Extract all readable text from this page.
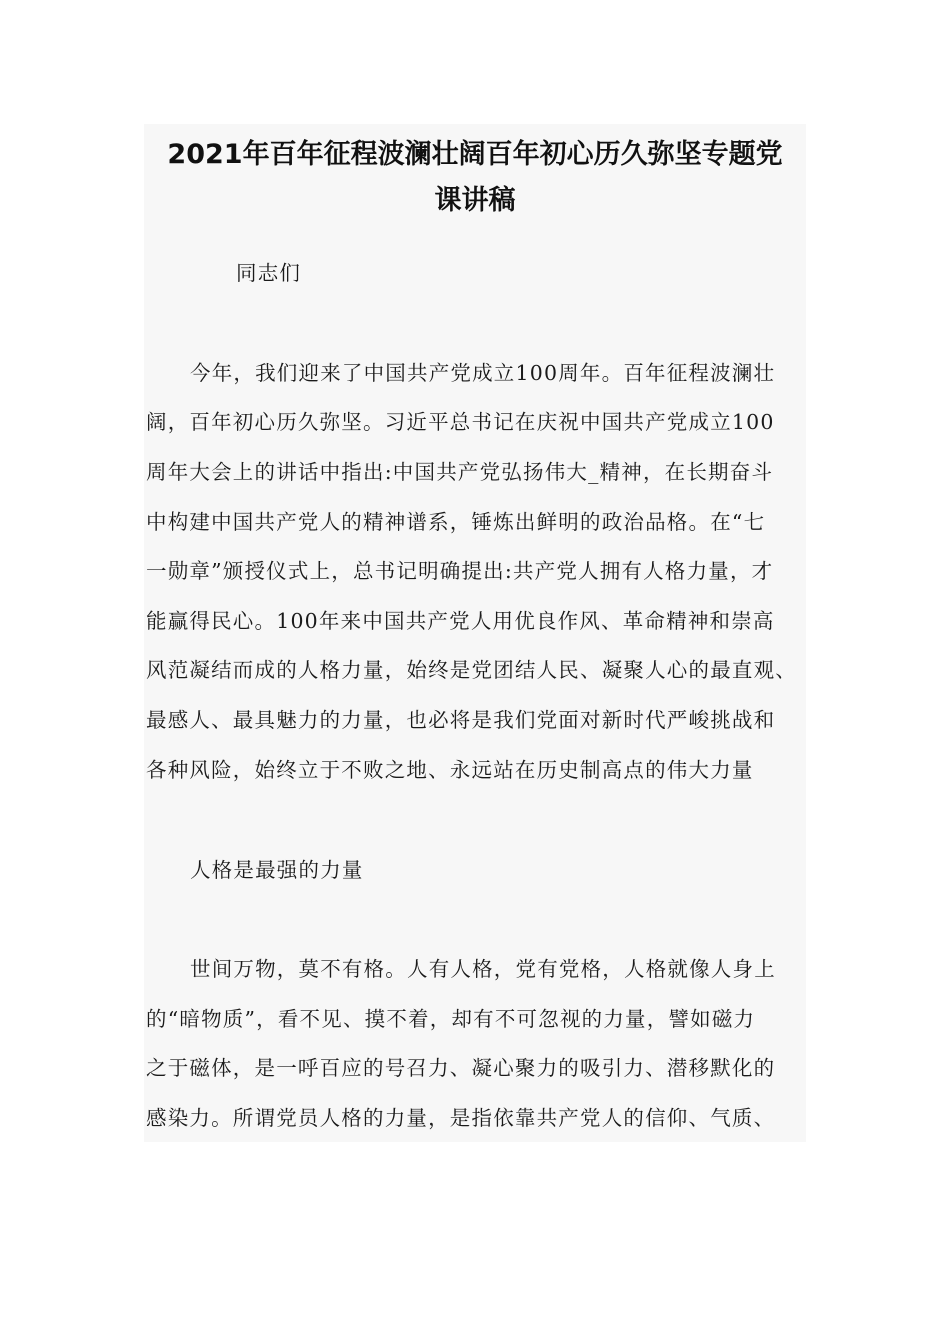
2021年百年征程波澜壮阔百年初心历久弥坚专题党
课讲稿
同志们
今年，我们迎来了中国共产党成立100周年。百年征程波澜壮
阔，百年初心历久弥坚。习近平总书记在庆祝中国共产党成立100
周年大会上的讲话中指出:中国共产党弘扬伟大_精神，在长期奋斗
中构建中国共产党人的精神谱系，锤炼出鲜明的政治品格。在“七
一勋章”颁授仪式上，总书记明确提出:共产党人拥有人格力量，才
能赢得民心。100年来中国共产党人用优良作风、革命精神和崇高
风范凝结而成的人格力量，始终是党团结人民、凝聚人心的最直观、
最感人、最具魅力的力量，也必将是我们党面对新时代严峻挑战和
各种风险，始终立于不败之地、永远站在历史制高点的伟大力量
人格是最强的力量
世间万物，莫不有格。人有人格，党有党格，人格就像人身上
的“暗物质”，看不见、摸不着，却有不可忽视的力量，譬如磁力
之于磁体，是一呼百应的号召力、凝心聚力的吸引力、潜移默化的
感染力。所谓党员人格的力量，是指依靠共产党人的信仰、气质、
